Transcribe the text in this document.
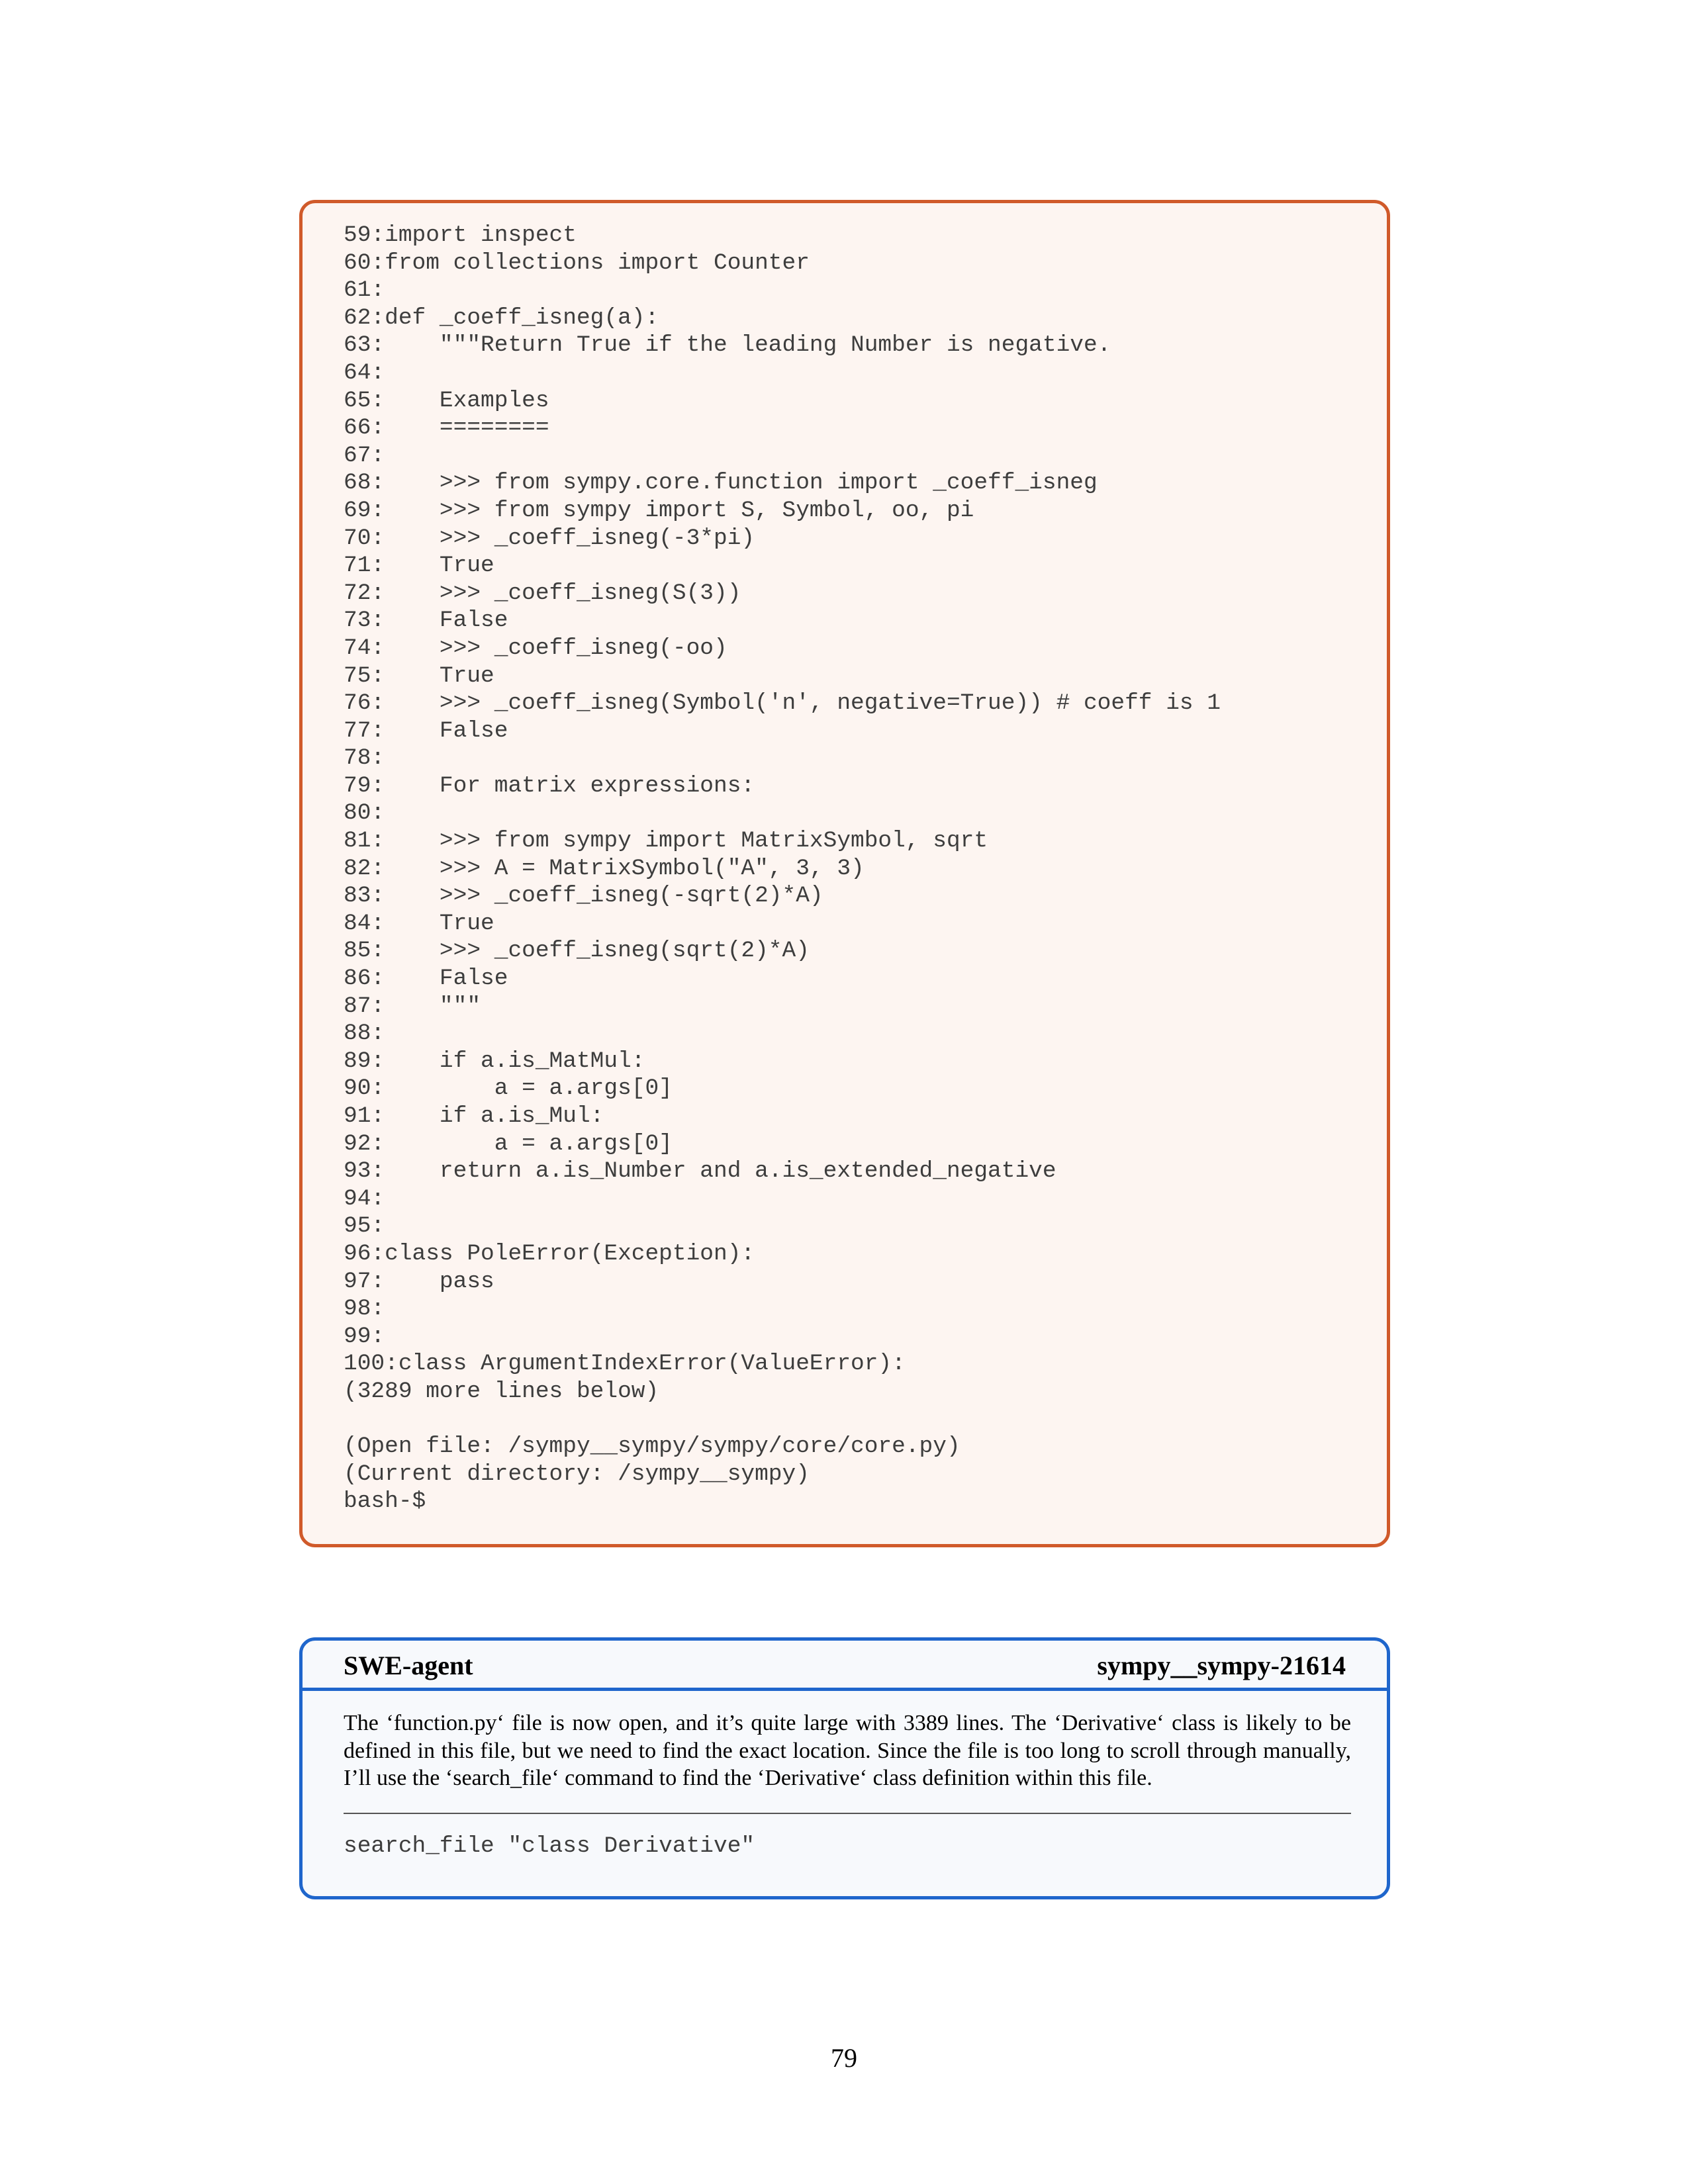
59:import inspect
60:from collections import Counter
61:
62:def _coeff_isneg(a):
63:    """Return True if the leading Number is negative.
64:
65:    Examples
66:    ========
67:
68:    >>> from sympy.core.function import _coeff_isneg
69:    >>> from sympy import S, Symbol, oo, pi
70:    >>> _coeff_isneg(-3*pi)
71:    True
72:    >>> _coeff_isneg(S(3))
73:    False
74:    >>> _coeff_isneg(-oo)
75:    True
76:    >>> _coeff_isneg(Symbol('n', negative=True)) # coeff is 1
77:    False
78:
79:    For matrix expressions:
80:
81:    >>> from sympy import MatrixSymbol, sqrt
82:    >>> A = MatrixSymbol("A", 3, 3)
83:    >>> _coeff_isneg(-sqrt(2)*A)
84:    True
85:    >>> _coeff_isneg(sqrt(2)*A)
86:    False
87:    """
88:
89:    if a.is_MatMul:
90:        a = a.args[0]
91:    if a.is_Mul:
92:        a = a.args[0]
93:    return a.is_Number and a.is_extended_negative
94:
95:
96:class PoleError(Exception):
97:    pass
98:
99:
100:class ArgumentIndexError(ValueError):
(3289 more lines below)

(Open file: /sympy__sympy/sympy/core/core.py)
(Current directory: /sympy__sympy)
bash-$
SWE-agent	sympy__sympy-21614

The ‘function.py‘ file is now open, and it’s quite large with 3389 lines. The ‘Derivative‘ class is likely to be defined in this file, but we need to find the exact location. Since the file is too long to scroll through manually, I’ll use the ‘search_file‘ command to find the ‘Derivative‘ class definition within this file.

search_file "class Derivative"
79
